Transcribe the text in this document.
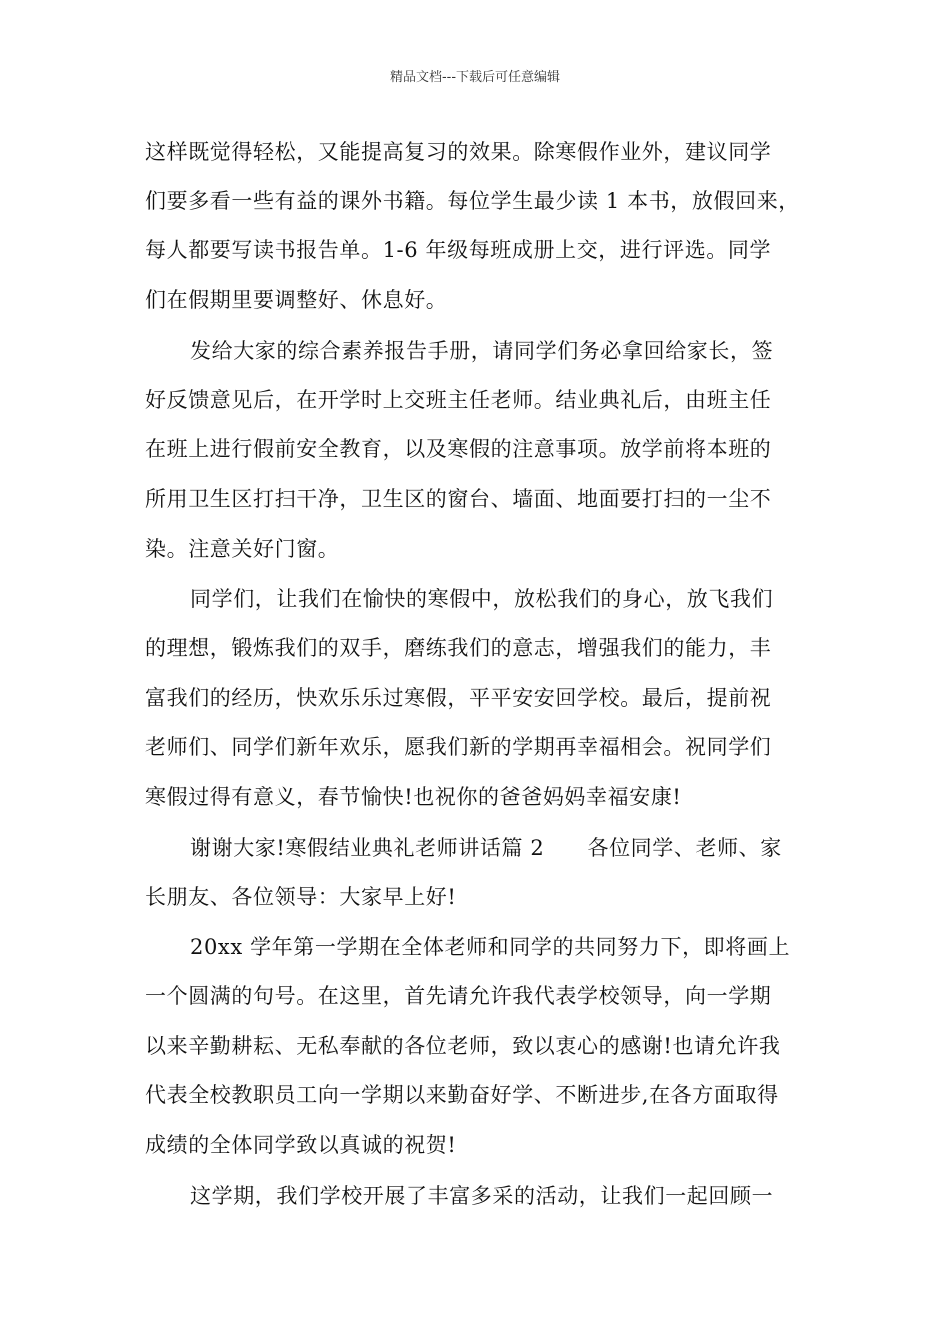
精品文档---下载后可任意编辑
这样既觉得轻松，又能提高复习的效果。除寒假作业外，建议同学
们要多看一些有益的课外书籍。每位学生最少读 1 本书，放假回来，
每人都要写读书报告单。1-6 年级每班成册上交，进行评选。同学
们在假期里要调整好、休息好。
发给大家的综合素养报告手册，请同学们务必拿回给家长，签
好反馈意见后，在开学时上交班主任老师。结业典礼后，由班主任
在班上进行假前安全教育，以及寒假的注意事项。放学前将本班的
所用卫生区打扫干净，卫生区的窗台、墙面、地面要打扫的一尘不
染。注意关好门窗。
同学们，让我们在愉快的寒假中，放松我们的身心，放飞我们
的理想，锻炼我们的双手，磨练我们的意志，增强我们的能力，丰
富我们的经历，快欢乐乐过寒假，平平安安回学校。最后，提前祝
老师们、同学们新年欢乐，愿我们新的学期再幸福相会。祝同学们
寒假过得有意义，春节愉快!也祝你的爸爸妈妈幸福安康!
谢谢大家!寒假结业典礼老师讲话篇 2　　各位同学、老师、家
长朋友、各位领导：大家早上好!
20xx 学年第一学期在全体老师和同学的共同努力下，即将画上
一个圆满的句号。在这里，首先请允许我代表学校领导，向一学期
以来辛勤耕耘、无私奉献的各位老师，致以衷心的感谢!也请允许我
代表全校教职员工向一学期以来勤奋好学、不断进步,在各方面取得
成绩的全体同学致以真诚的祝贺!
这学期，我们学校开展了丰富多采的活动，让我们一起回顾一
